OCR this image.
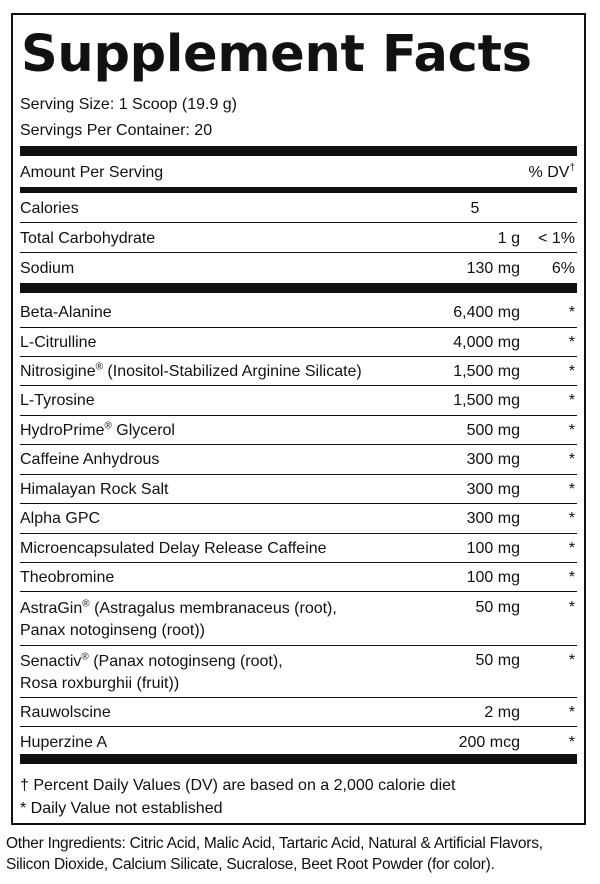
Supplement Facts
Serving Size: 1 Scoop (19.9 g)
Servings Per Container: 20
Amount Per Serving	% DV†
Calories	5
Total Carbohydrate	1 g < 1%
Sodium	130 mg 6%
Beta-Alanine	6,400 mg	*
L-Citrulline	4,000 mg	*
Nitrosigine® (Inositol-Stabilized Arginine Silicate)	1,500 mg	*
L-Tyrosine	1,500 mg	*
HydroPrime® Glycerol	500 mg	*
Caffeine Anhydrous	300 mg	*
Himalayan Rock Salt	300 mg	*
Alpha GPC	300 mg	*
Microencapsulated Delay Release Caffeine	100 mg	*
Theobromine	100 mg	*
AstraGin® (Astragalus membranaceus (root),
Panax notoginseng (root))
50 mg	*
Senactiv® (Panax notoginseng (root),
Rosa roxburghii (fruit))
50 mg	*
Rauwolscine	2 mg	*
Huperzine A	200 mcg	*
† Percent Daily Values (DV) are based on a 2,000 calorie diet
* Daily Value not established
Other Ingredients: Citric Acid, Malic Acid, Tartaric Acid, Natural & Artificial Flavors,
Silicon Dioxide, Calcium Silicate, Sucralose, Beet Root Powder (for color).
